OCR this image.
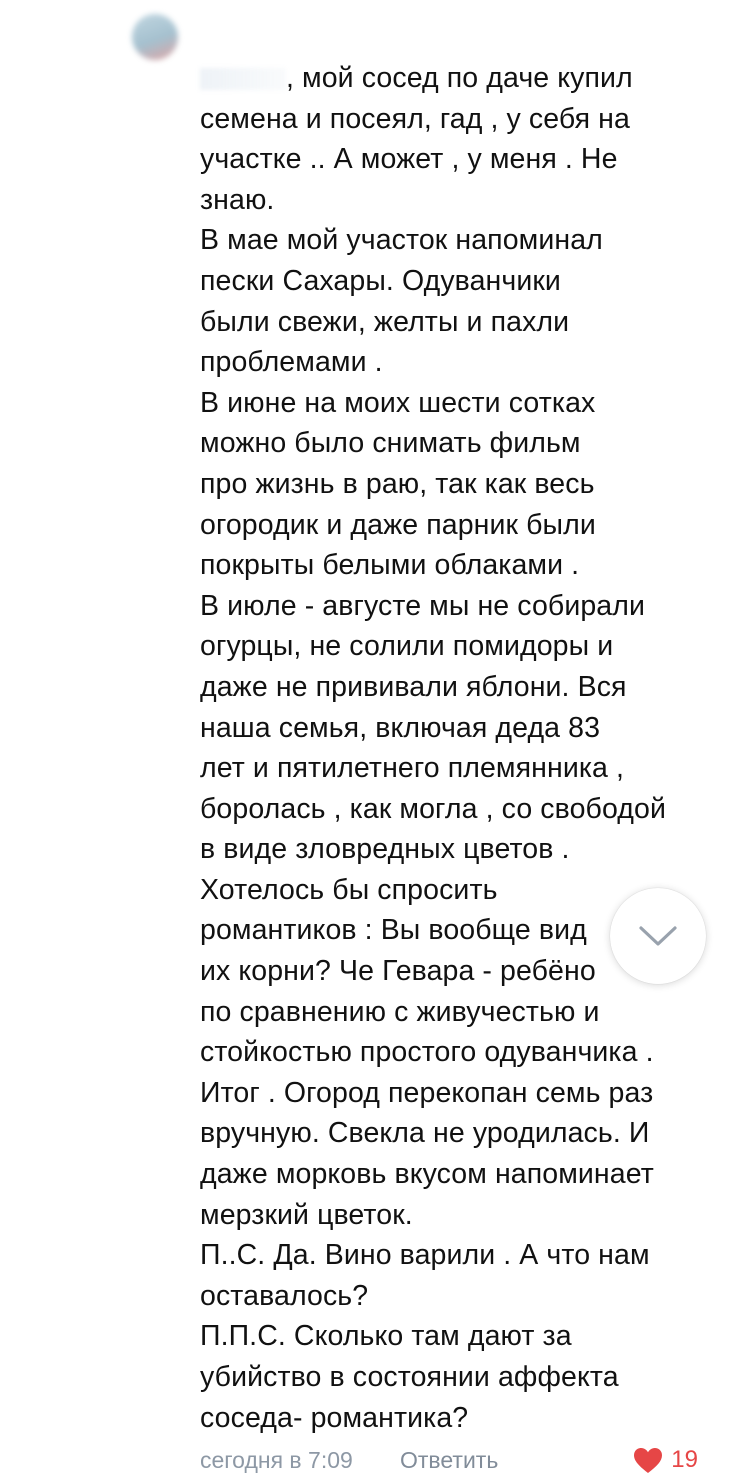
, мой сосед по даче купил
семена и посеял, гад , у себя на
участке .. А может , у меня . Не
знаю.
В мае мой участок напоминал
пески Сахары. Одуванчики
были свежи, желты и пахли
проблемами .
В июне на моих шести сотках
можно было снимать фильм
про жизнь в раю, так как весь
огородик и даже парник были
покрыты белыми облаками .
В июле - августе мы не собирали
огурцы, не солили помидоры и
даже не прививали яблони. Вся
наша семья, включая деда 83
лет и пятилетнего племянника ,
боролась , как могла , со свободой
в виде зловредных цветов .
Хотелось бы спросить
романтиков : Вы вообще вид
их корни? Че Гевара - ребёно
по сравнению с живучестью и
стойкостью простого одуванчика .
Итог . Огород перекопан семь раз
вручную. Свекла не уродилась. И
даже морковь вкусом напоминает
мерзкий цветок.
П..С. Да. Вино варили . А что нам
оставалось?
П.П.С. Сколько там дают за
убийство в состоянии аффекта
соседа- романтика?
сегодня в 7:09 Ответить	19
